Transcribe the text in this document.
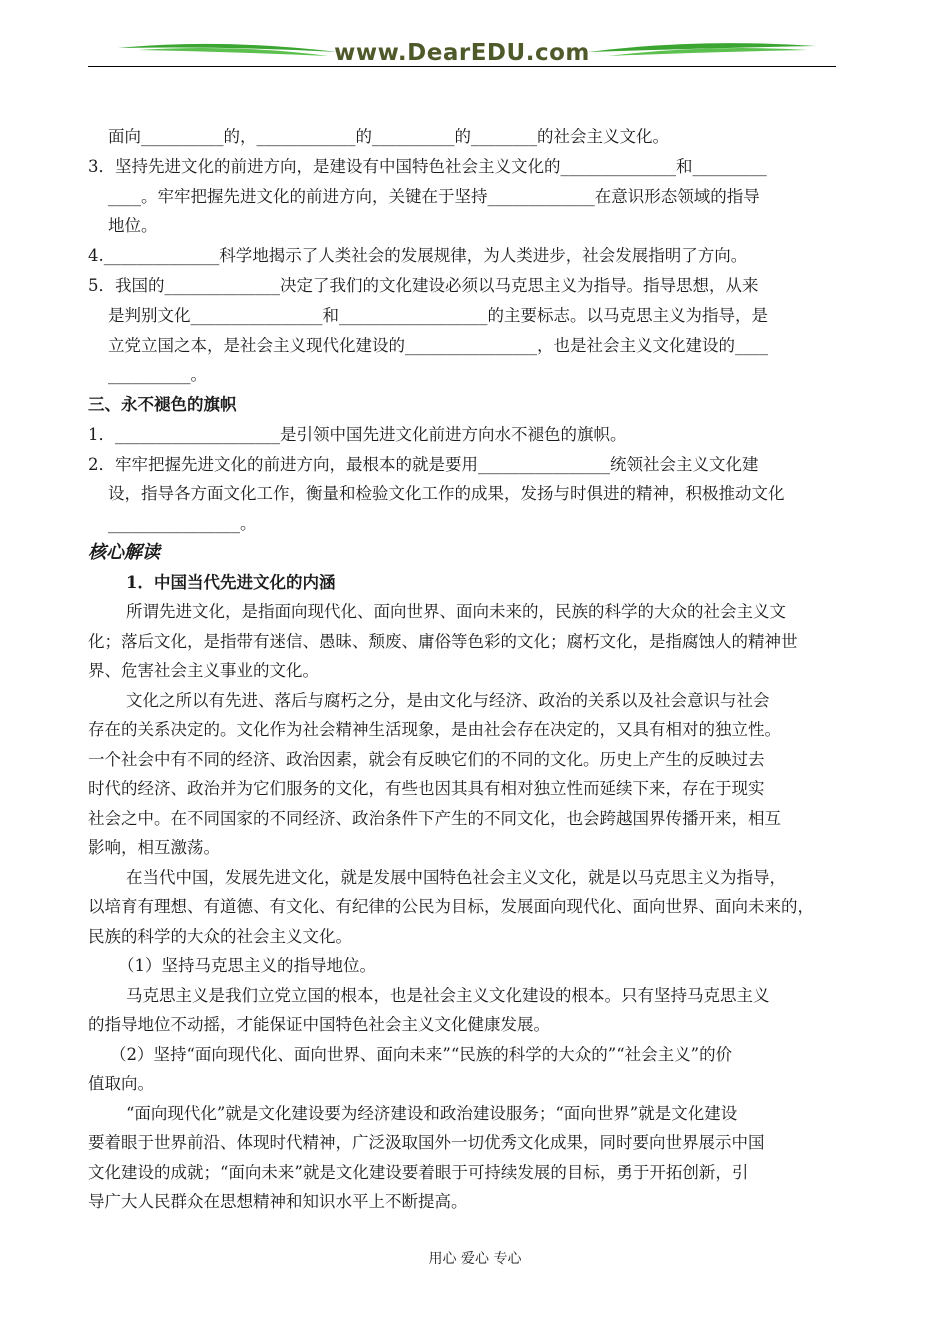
www.DearEDU.com
面向__________的，____________的__________的________的社会主义文化。
3．坚持先进文化的前进方向，是建设有中国特色社会主义文化的______________和_________
____。牢牢把握先进文化的前进方向，关键在于坚持_____________在意识形态领域的指导
地位。
4.______________科学地揭示了人类社会的发展规律，为人类进步，社会发展指明了方向。
5．我国的______________决定了我们的文化建设必须以马克思主义为指导。指导思想，从来
是判别文化________________和__________________的主要标志。以马克思主义为指导，是
立党立国之本，是社会主义现代化建设的________________，也是社会主义文化建设的____
__________。
三、永不褪色的旗帜
1．____________________是引领中国先进文化前进方向水不褪色的旗帜。
2．牢牢把握先进文化的前进方向，最根本的就是要用________________统领社会主义文化建
设，指导各方面文化工作，衡量和检验文化工作的成果，发扬与时俱进的精神，积极推动文化
________________。
核心解读
1．中国当代先进文化的内涵
所谓先进文化，是指面向现代化、面向世界、面向未来的，民族的科学的大众的社会主义文
化；落后文化，是指带有迷信、愚昧、颓废、庸俗等色彩的文化；腐朽文化，是指腐蚀人的精神世
界、危害社会主义事业的文化。
文化之所以有先进、落后与腐朽之分，是由文化与经济、政治的关系以及社会意识与社会
存在的关系决定的。文化作为社会精神生活现象，是由社会存在决定的，又具有相对的独立性。
一个社会中有不同的经济、政治因素，就会有反映它们的不同的文化。历史上产生的反映过去
时代的经济、政治并为它们服务的文化，有些也因其具有相对独立性而延续下来，存在于现实
社会之中。在不同国家的不同经济、政治条件下产生的不同文化，也会跨越国界传播开来，相互
影响，相互激荡。
在当代中国，发展先进文化，就是发展中国特色社会主义文化，就是以马克思主义为指导，
以培育有理想、有道德、有文化、有纪律的公民为目标，发展面向现代化、面向世界、面向未来的，
民族的科学的大众的社会主义文化。
（1）坚持马克思主义的指导地位。
马克思主义是我们立党立国的根本，也是社会主义文化建设的根本。只有坚持马克思主义
的指导地位不动摇，才能保证中国特色社会主义文化健康发展。
（2）坚持“面向现代化、面向世界、面向未来”“民族的科学的大众的”“社会主义”的价
值取向。
“面向现代化”就是文化建设要为经济建设和政治建设服务；“面向世界”就是文化建设
要着眼于世界前沿、体现时代精神，广泛汲取国外一切优秀文化成果，同时要向世界展示中国
文化建设的成就；“面向未来”就是文化建设要着眼于可持续发展的目标，勇于开拓创新，引
导广大人民群众在思想精神和知识水平上不断提高。
用心 爱心 专心
